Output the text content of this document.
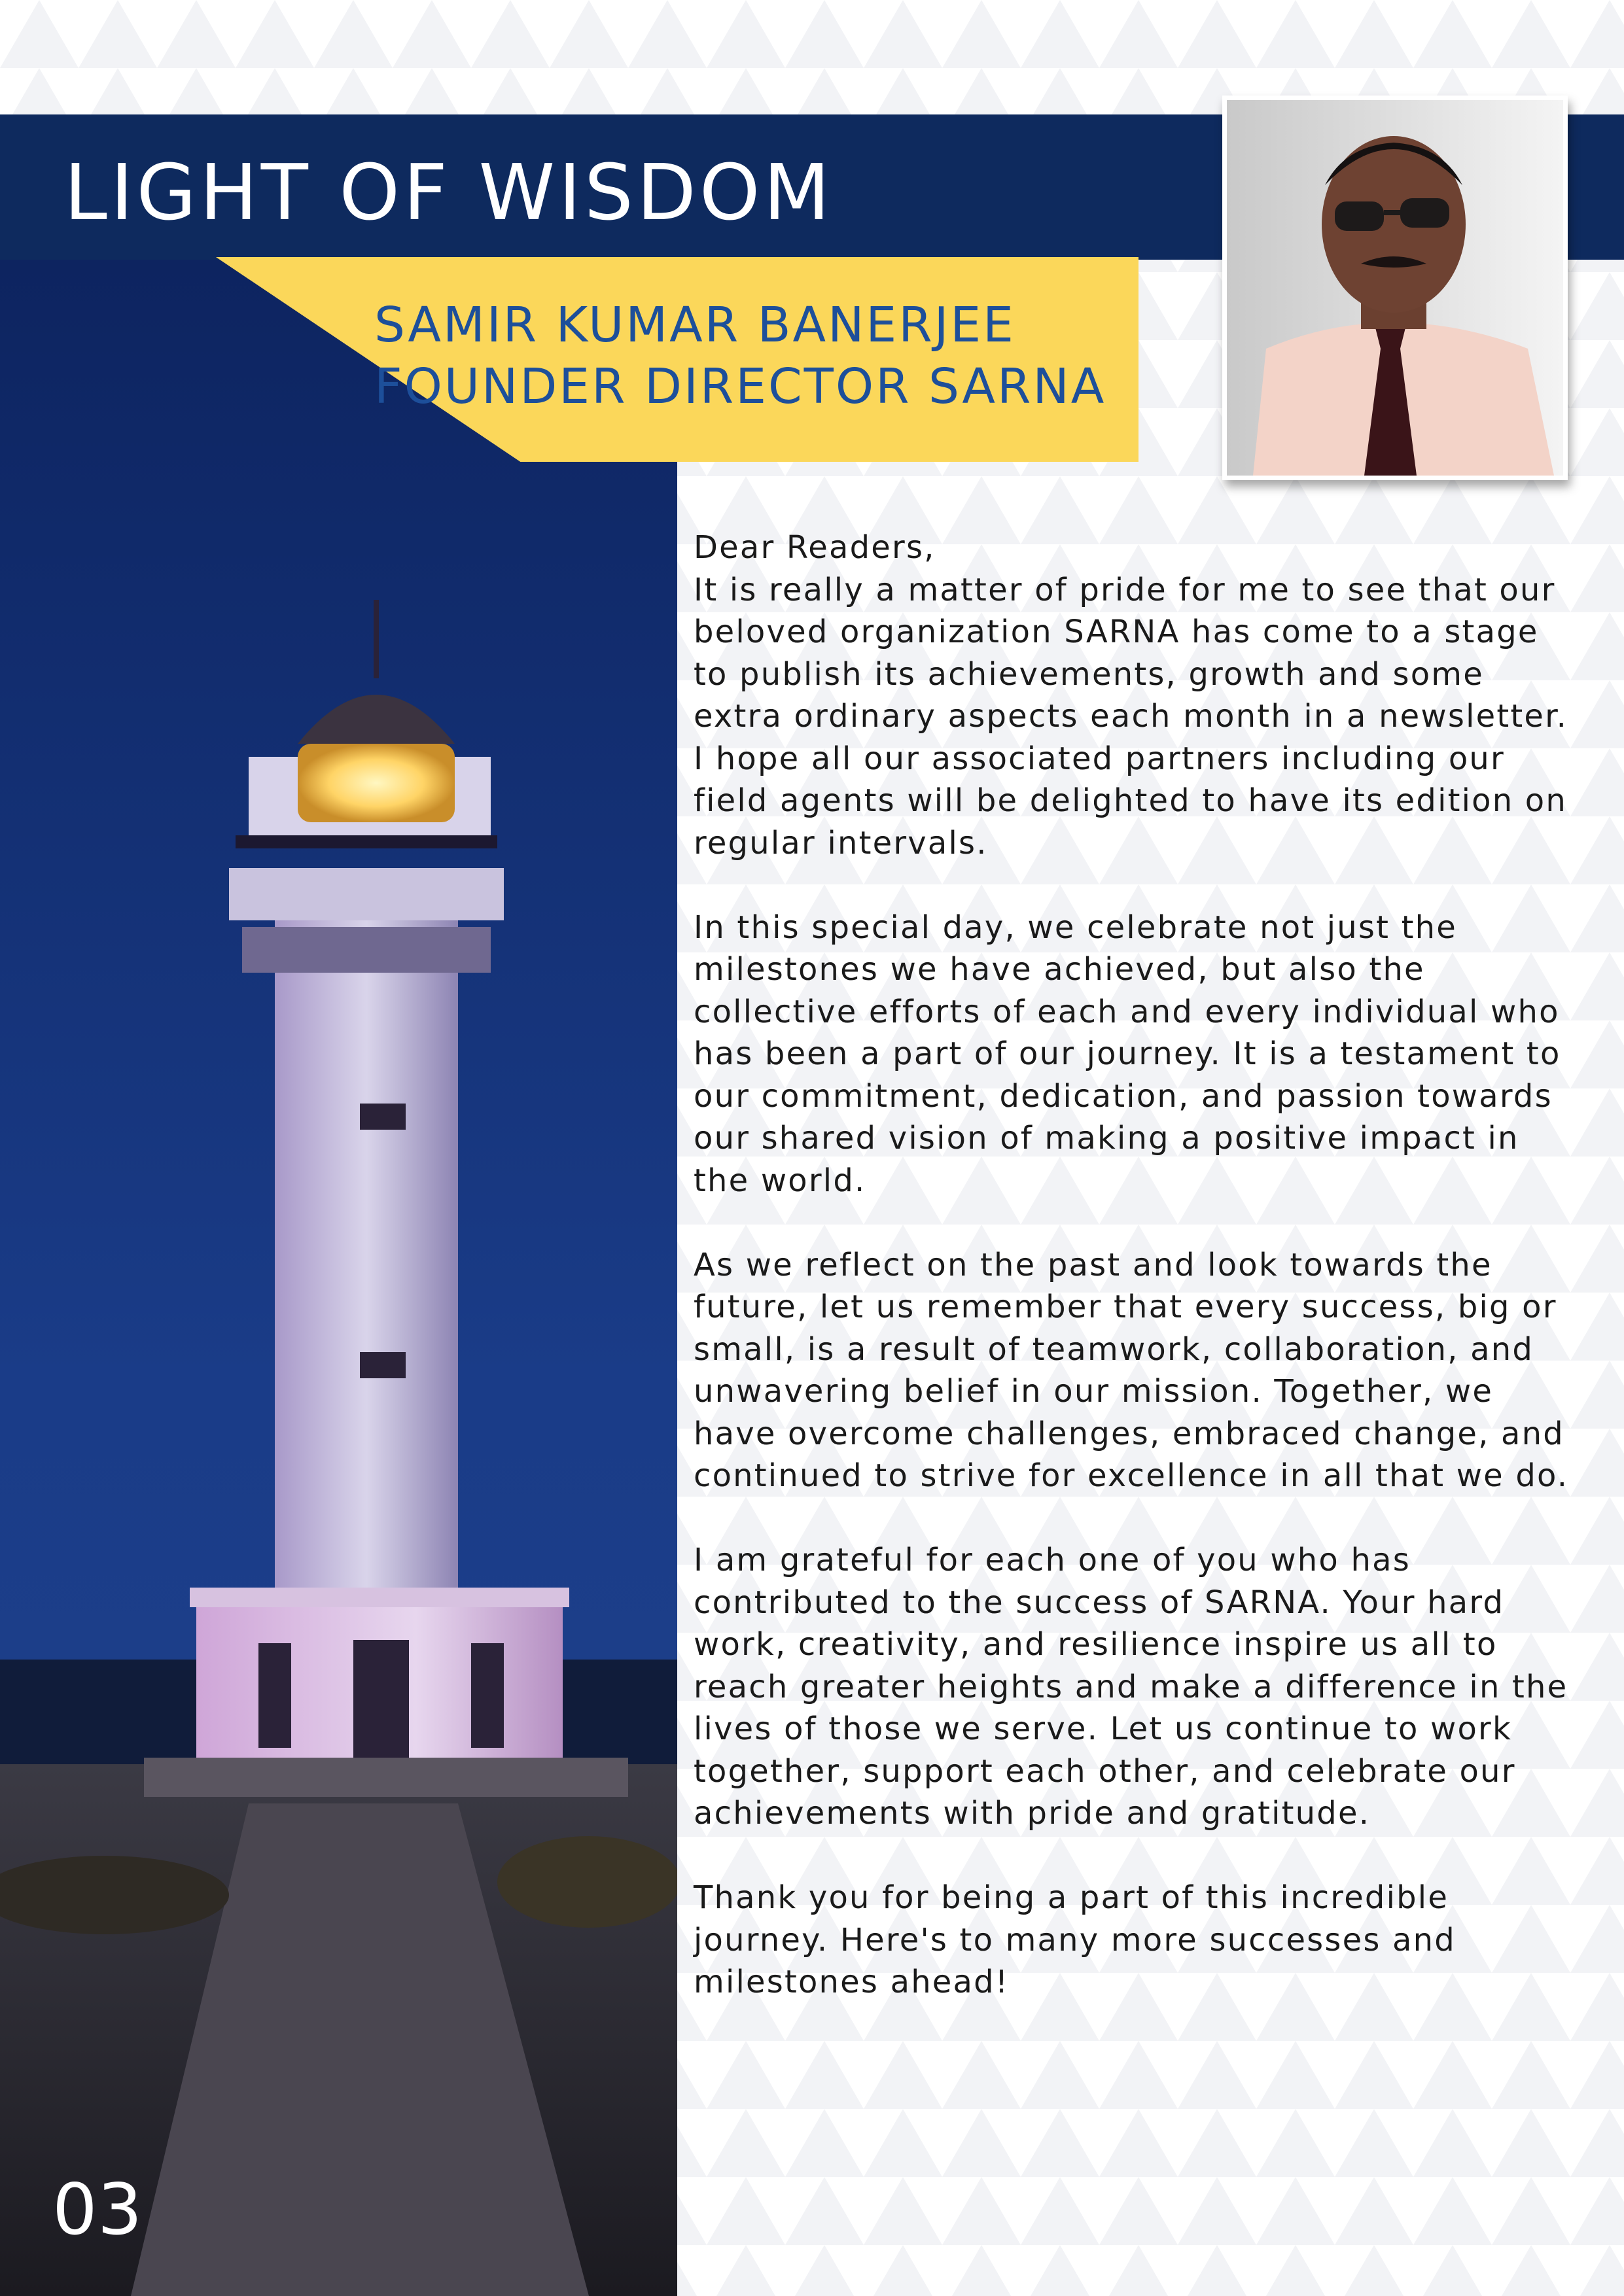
LIGHT OF WISDOM
SAMIR KUMAR BANERJEE
FOUNDER DIRECTOR SARNA

Dear Readers,

It is really a matter of pride for me to see that our beloved organization SARNA has come to a stage to publish its achievements, growth and some extra ordinary aspects each month in a newsletter. I hope all our associated partners including our field agents will be delighted to have its edition on regular intervals.

In this special day, we celebrate not just the milestones we have achieved, but also the collective efforts of each and every individual who has been a part of our journey. It is a testament to our commitment, dedication, and passion towards our shared vision of making a positive impact in the world.

As we reflect on the past and look towards the future, let us remember that every success, big or small, is a result of teamwork, collaboration, and unwavering belief in our mission. Together, we have overcome challenges, embraced change, and continued to strive for excellence in all that we do.

I am grateful for each one of you who has contributed to the success of SARNA. Your hard work, creativity, and resilience inspire us all to reach greater heights and make a difference in the lives of those we serve. Let us continue to work together, support each other, and celebrate our achievements with pride and gratitude.

Thank you for being a part of this incredible journey. Here's to many more successes and milestones ahead!

03
